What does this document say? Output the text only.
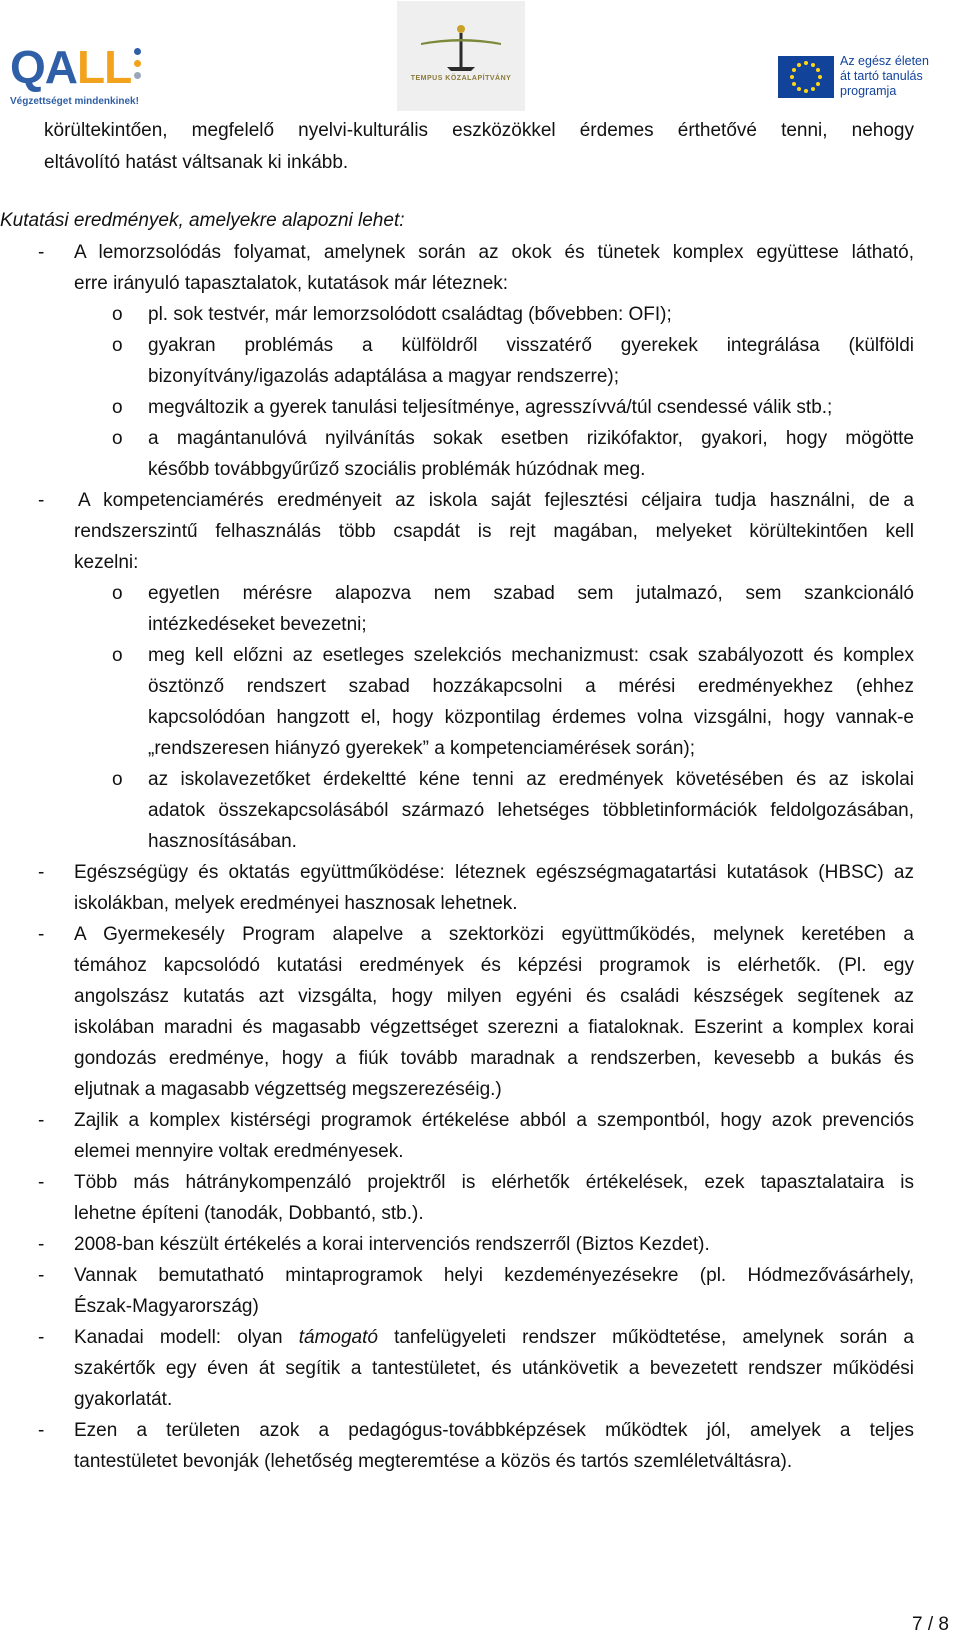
QALL
Végzettséget mindenkinek!
TEMPUS KÖZALAPÍTVÁNY
Az egész életen
át tartó tanulás
programja
körültekintően, megfelelő nyelvi-kulturális eszközökkel érdemes érthetővé tenni, nehogy
eltávolító hatást váltsanak ki inkább.
Kutatási eredmények, amelyekre alapozni lehet:
- A lemorzsolódás folyamat, amelynek során az okok és tünetek komplex együttese látható,
erre irányuló tapasztalatok, kutatások már léteznek:
o pl. sok testvér, már lemorzsolódott családtag (bővebben: OFI);
o gyakran problémás a külföldről visszatérő gyerekek integrálása (külföldi
bizonyítvány/igazolás adaptálása a magyar rendszerre);
o megváltozik a gyerek tanulási teljesítménye, agresszívvá/túl csendessé válik stb.;
o a magántanulóvá nyilvánítás sokak esetben rizikófaktor, gyakori, hogy mögötte
később továbbgyűrűző szociális problémák húzódnak meg.
- A kompetenciamérés eredményeit az iskola saját fejlesztési céljaira tudja használni, de a
rendszerszintű felhasználás több csapdát is rejt magában, melyeket körültekintően kell
kezelni:
o egyetlen mérésre alapozva nem szabad sem jutalmazó, sem szankcionáló
intézkedéseket bevezetni;
o meg kell előzni az esetleges szelekciós mechanizmust: csak szabályozott és komplex
ösztönző rendszert szabad hozzákapcsolni a mérési eredményekhez (ehhez
kapcsolódóan hangzott el, hogy központilag érdemes volna vizsgálni, hogy vannak-e
„rendszeresen hiányzó gyerekek” a kompetenciamérések során);
o az iskolavezetőket érdekeltté kéne tenni az eredmények követésében és az iskolai
adatok összekapcsolásából származó lehetséges többletinformációk feldolgozásában,
hasznosításában.
- Egészségügy és oktatás együttműködése: léteznek egészségmagatartási kutatások (HBSC) az
iskolákban, melyek eredményei hasznosak lehetnek.
- A Gyermekesély Program alapelve a szektorközi együttműködés, melynek keretében a
témához kapcsolódó kutatási eredmények és képzési programok is elérhetők. (Pl. egy
angolszász kutatás azt vizsgálta, hogy milyen egyéni és családi készségek segítenek az
iskolában maradni és magasabb végzettséget szerezni a fiataloknak. Eszerint a komplex korai
gondozás eredménye, hogy a fiúk tovább maradnak a rendszerben, kevesebb a bukás és
eljutnak a magasabb végzettség megszerezéséig.)
- Zajlik a komplex kistérségi programok értékelése abból a szempontból, hogy azok prevenciós
elemei mennyire voltak eredményesek.
- Több más hátránykompenzáló projektről is elérhetők értékelések, ezek tapasztalataira is
lehetne építeni (tanodák, Dobbantó, stb.).
- 2008-ban készült értékelés a korai intervenciós rendszerről (Biztos Kezdet).
- Vannak bemutatható mintaprogramok helyi kezdeményezésekre (pl. Hódmezővásárhely,
Észak-Magyarország)
- Kanadai modell: olyan támogató tanfelügyeleti rendszer működtetése, amelynek során a
szakértők egy éven át segítik a tantestületet, és utánkövetik a bevezetett rendszer működési
gyakorlatát.
- Ezen a területen azok a pedagógus-továbbképzések működtek jól, amelyek a teljes
tantestületet bevonják (lehetőség megteremtése a közös és tartós szemléletváltásra).
7 / 8
